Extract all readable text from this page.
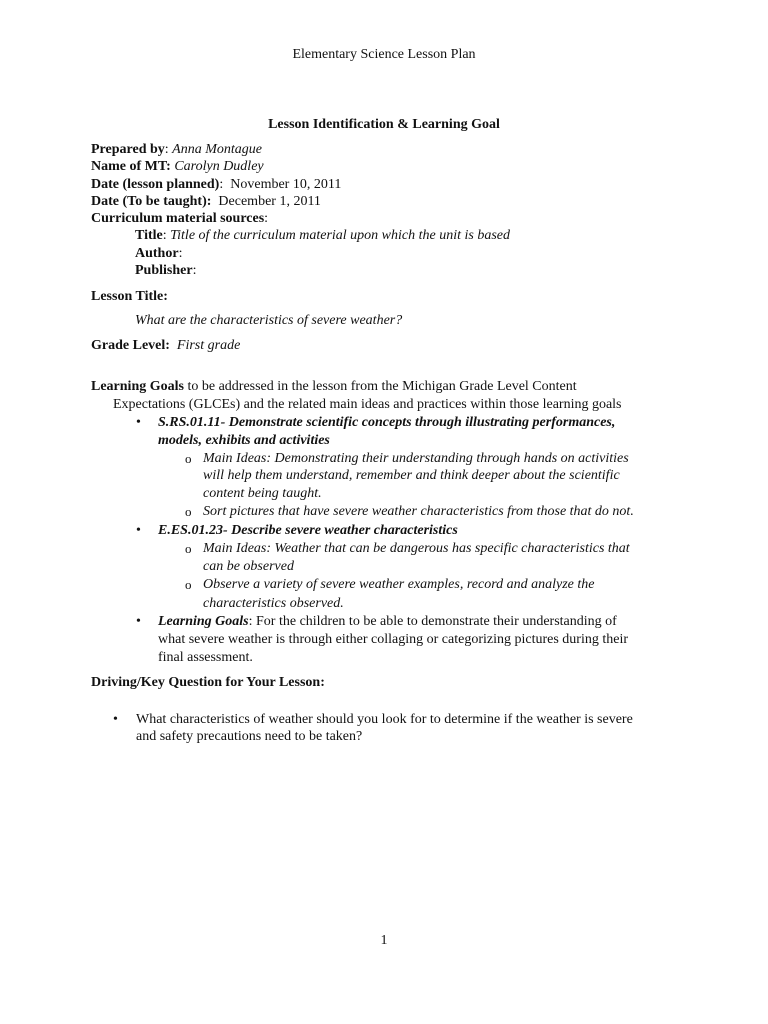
Elementary Science Lesson Plan
Lesson Identification & Learning Goal
Prepared by: Anna Montague
Name of MT: Carolyn Dudley
Date (lesson planned): November 10, 2011
Date (To be taught): December 1, 2011
Curriculum material sources:
Title: Title of the curriculum material upon which the unit is based
Author:
Publisher:
Lesson Title:
What are the characteristics of severe weather?
Grade Level: First grade
Learning Goals to be addressed in the lesson from the Michigan Grade Level Content
Expectations (GLCEs) and the related main ideas and practices within those learning goals
• S.RS.01.11- Demonstrate scientific concepts through illustrating performances,
models, exhibits and activities
o Main Ideas: Demonstrating their understanding through hands on activities
will help them understand, remember and think deeper about the scientific
content being taught.
o Sort pictures that have severe weather characteristics from those that do not.
• E.ES.01.23- Describe severe weather characteristics
o Main Ideas: Weather that can be dangerous has specific characteristics that
can be observed
o Observe a variety of severe weather examples, record and analyze the
characteristics observed.
• Learning Goals: For the children to be able to demonstrate their understanding of
what severe weather is through either collaging or categorizing pictures during their
final assessment.
Driving/Key Question for Your Lesson:
• What characteristics of weather should you look for to determine if the weather is severe
and safety precautions need to be taken?
1
